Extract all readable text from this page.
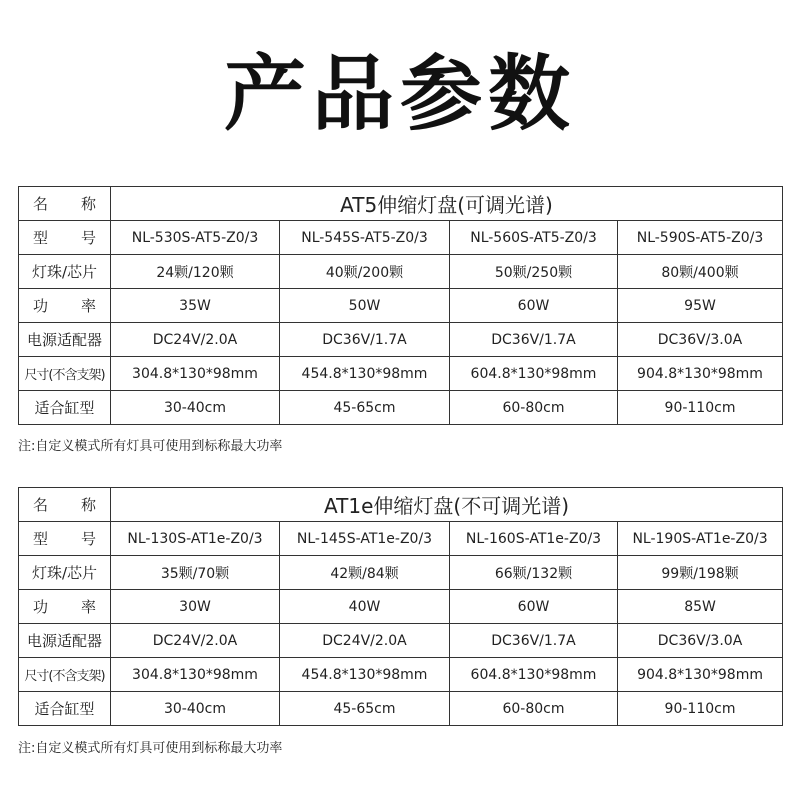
产品参数
名　称	AT5伸缩灯盘(可调光谱)			
型　号	NL-530S-AT5-Z0/3	NL-545S-AT5-Z0/3	NL-560S-AT5-Z0/3	NL-590S-AT5-Z0/3
灯珠/芯片	24颗/120颗	40颗/200颗	50颗/250颗	80颗/400颗
功　率	35W	50W	60W	95W
电源适配器	DC24V/2.0A	DC36V/1.7A	DC36V/1.7A	DC36V/3.0A
尺寸(不含支架)	304.8*130*98mm	454.8*130*98mm	604.8*130*98mm	904.8*130*98mm
适合缸型	30-40cm	45-65cm	60-80cm	90-110cm
注:自定义模式所有灯具可使用到标称最大功率
名　称	AT1e伸缩灯盘(不可调光谱)			
型　号	NL-130S-AT1e-Z0/3	NL-145S-AT1e-Z0/3	NL-160S-AT1e-Z0/3	NL-190S-AT1e-Z0/3
灯珠/芯片	35颗/70颗	42颗/84颗	66颗/132颗	99颗/198颗
功　率	30W	40W	60W	85W
电源适配器	DC24V/2.0A	DC24V/2.0A	DC36V/1.7A	DC36V/3.0A
尺寸(不含支架)	304.8*130*98mm	454.8*130*98mm	604.8*130*98mm	904.8*130*98mm
适合缸型	30-40cm	45-65cm	60-80cm	90-110cm
注:自定义模式所有灯具可使用到标称最大功率
